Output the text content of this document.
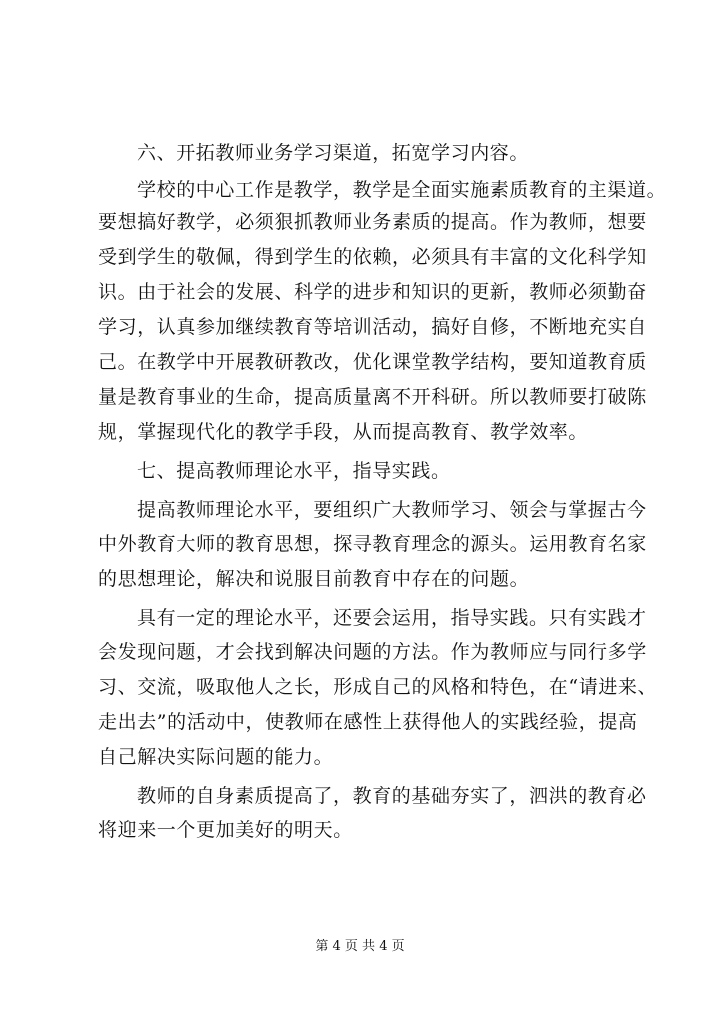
六、开拓教师业务学习渠道，拓宽学习内容。
学校的中心工作是教学，教学是全面实施素质教育的主渠道。
要想搞好教学，必须狠抓教师业务素质的提高。作为教师，想要
受到学生的敬佩，得到学生的依赖，必须具有丰富的文化科学知
识。由于社会的发展、科学的进步和知识的更新，教师必须勤奋
学习，认真参加继续教育等培训活动，搞好自修，不断地充实自
己。在教学中开展教研教改，优化课堂教学结构，要知道教育质
量是教育事业的生命，提高质量离不开科研。所以教师要打破陈
规，掌握现代化的教学手段，从而提高教育、教学效率。
七、提高教师理论水平，指导实践。
提高教师理论水平，要组织广大教师学习、领会与掌握古今
中外教育大师的教育思想，探寻教育理念的源头。运用教育名家
的思想理论，解决和说服目前教育中存在的问题。
具有一定的理论水平，还要会运用，指导实践。只有实践才
会发现问题，才会找到解决问题的方法。作为教师应与同行多学
习、交流，吸取他人之长，形成自己的风格和特色，在“请进来、
走出去”的活动中，使教师在感性上获得他人的实践经验，提高
自己解决实际问题的能力。
教师的自身素质提高了，教育的基础夯实了，泗洪的教育必
将迎来一个更加美好的明天。
第 4 页 共 4 页
